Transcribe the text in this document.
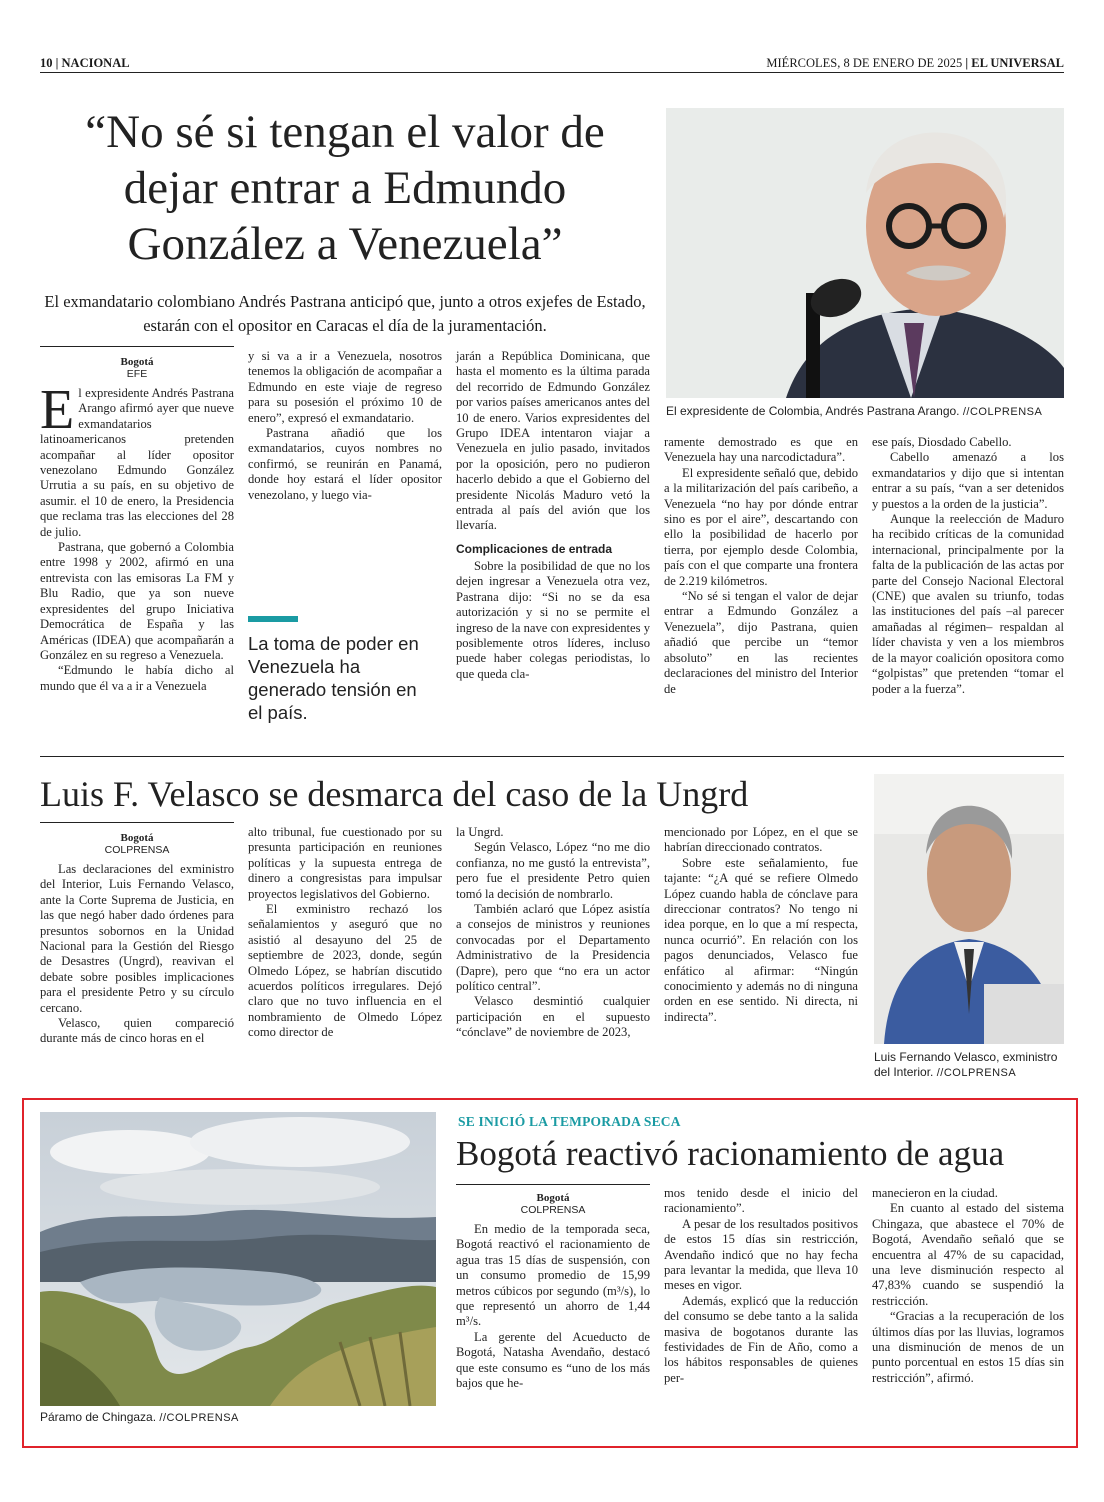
10 | NACIONAL	MIÉRCOLES, 8 DE ENERO DE 2025 | EL UNIVERSAL
“No sé si tengan el valor de dejar entrar a Edmundo González a Venezuela”
El exmandatario colombiano Andrés Pastrana anticipó que, junto a otros exjefes de Estado, estarán con el opositor en Caracas el día de la juramentación.
El expresidente de Colombia, Andrés Pastrana Arango. //COLPRENSA
Bogotá
EFE

El expresidente Andrés Pastrana Arango afirmó ayer que nueve exmandatarios latinoamericanos pretenden acompañar al líder opositor venezolano Edmundo González Urrutia a su país, en su objetivo de asumir. el 10 de enero, la Presidencia que reclama tras las elecciones del 28 de julio.

Pastrana, que gobernó a Colombia entre 1998 y 2002, afirmó en una entrevista con las emisoras La FM y Blu Radio, que ya son nueve expresidentes del grupo Iniciativa Democrática de España y las Américas (IDEA) que acompañarán a González en su regreso a Venezuela.

“Edmundo le había dicho al mundo que él va a ir a Venezuela

y si va a ir a Venezuela, nosotros tenemos la obligación de acompañar a Edmundo en este viaje de regreso para su posesión el próximo 10 de enero”, expresó el exmandatario.

Pastrana añadió que los exmandatarios, cuyos nombres no confirmó, se reunirán en Panamá, donde hoy estará el líder opositor venezolano, y luego via-

La toma de poder en Venezuela ha generado tensión en el país.

jarán a República Dominicana, que hasta el momento es la última parada del recorrido de Edmundo González por varios países americanos antes del 10 de enero. Varios expresidentes del Grupo IDEA intentaron viajar a Venezuela en julio pasado, invitados por la oposición, pero no pudieron hacerlo debido a que el Gobierno del presidente Nicolás Maduro vetó la entrada al país del avión que los llevaría.

Complicaciones de entrada

Sobre la posibilidad de que no los dejen ingresar a Venezuela otra vez, Pastrana dijo: “Si no se da esa autorización y si no se permite el ingreso de la nave con expresidentes y posiblemente otros líderes, incluso puede haber colegas periodistas, lo que queda cla-

ramente demostrado es que en Venezuela hay una narcodictadura”.

El expresidente señaló que, debido a la militarización del país caribeño, a Venezuela “no hay por dónde entrar sino es por el aire”, descartando con ello la posibilidad de hacerlo por tierra, por ejemplo desde Colombia, país con el que comparte una frontera de 2.219 kilómetros.

“No sé si tengan el valor de dejar entrar a Edmundo González a Venezuela”, dijo Pastrana, quien añadió que percibe un “temor absoluto” en las recientes declaraciones del ministro del Interior de

ese país, Diosdado Cabello.

Cabello amenazó a los exmandatarios y dijo que si intentan entrar a su país, “van a ser detenidos y puestos a la orden de la justicia”.

Aunque la reelección de Maduro ha recibido críticas de la comunidad internacional, principalmente por la falta de la publicación de las actas por parte del Consejo Nacional Electoral (CNE) que avalen su triunfo, todas las instituciones del país –al parecer amañadas al régimen– respaldan al líder chavista y ven a los miembros de la mayor coalición opositora como “golpistas” que pretenden “tomar el poder a la fuerza”.

Luis F. Velasco se desmarca del caso de la Ungrd
Luis Fernando Velasco, exministro del Interior. //COLPRENSA
Bogotá
COLPRENSA

Las declaraciones del exministro del Interior, Luis Fernando Velasco, ante la Corte Suprema de Justicia, en las que negó haber dado órdenes para presuntos sobornos en la Unidad Nacional para la Gestión del Riesgo de Desastres (Ungrd), reavivan el debate sobre posibles implicaciones para el presidente Petro y su círculo cercano.

Velasco, quien compareció durante más de cinco horas en el

alto tribunal, fue cuestionado por su presunta participación en reuniones políticas y la supuesta entrega de dinero a congresistas para impulsar proyectos legislativos del Gobierno.

El exministro rechazó los señalamientos y aseguró que no asistió al desayuno del 25 de septiembre de 2023, donde, según Olmedo López, se habrían discutido acuerdos políticos irregulares. Dejó claro que no tuvo influencia en el nombramiento de Olmedo López como director de

la Ungrd.

Según Velasco, López “no me dio confianza, no me gustó la entrevista”, pero fue el presidente Petro quien tomó la decisión de nombrarlo.

También aclaró que López asistía a consejos de ministros y reuniones convocadas por el Departamento Administrativo de la Presidencia (Dapre), pero que “no era un actor político central”.

Velasco desmintió cualquier participación en el supuesto “cónclave” de noviembre de 2023,

mencionado por López, en el que se habrían direccionado contratos.

Sobre este señalamiento, fue tajante: “¿A qué se refiere Olmedo López cuando habla de cónclave para direccionar contratos? No tengo ni idea porque, en lo que a mí respecta, nunca ocurrió”. En relación con los pagos denunciados, Velasco fue enfático al afirmar: “Ningún conocimiento y además no di ninguna orden en ese sentido. Ni directa, ni indirecta”.

Páramo de Chingaza. //COLPRENSA
SE INICIÓ LA TEMPORADA SECA
Bogotá reactivó racionamiento de agua
Bogotá
COLPRENSA

En medio de la temporada seca, Bogotá reactivó el racionamiento de agua tras 15 días de suspensión, con un consumo promedio de 15,99 metros cúbicos por segundo (m³/s), lo que representó un ahorro de 1,44 m³/s.

La gerente del Acueducto de Bogotá, Natasha Avendaño, destacó que este consumo es “uno de los más bajos que he-

mos tenido desde el inicio del racionamiento”.

A pesar de los resultados positivos de estos 15 días sin restricción, Avendaño indicó que no hay fecha para levantar la medida, que lleva 10 meses en vigor.

Además, explicó que la reducción del consumo se debe tanto a la salida masiva de bogotanos durante las festividades de Fin de Año, como a los hábitos responsables de quienes per-

manecieron en la ciudad.

En cuanto al estado del sistema Chingaza, que abastece el 70% de Bogotá, Avendaño señaló que se encuentra al 47% de su capacidad, una leve disminución respecto al 47,83% cuando se suspendió la restricción.

“Gracias a la recuperación de los últimos días por las lluvias, logramos una disminución de menos de un punto porcentual en estos 15 días sin restricción”, afirmó.
